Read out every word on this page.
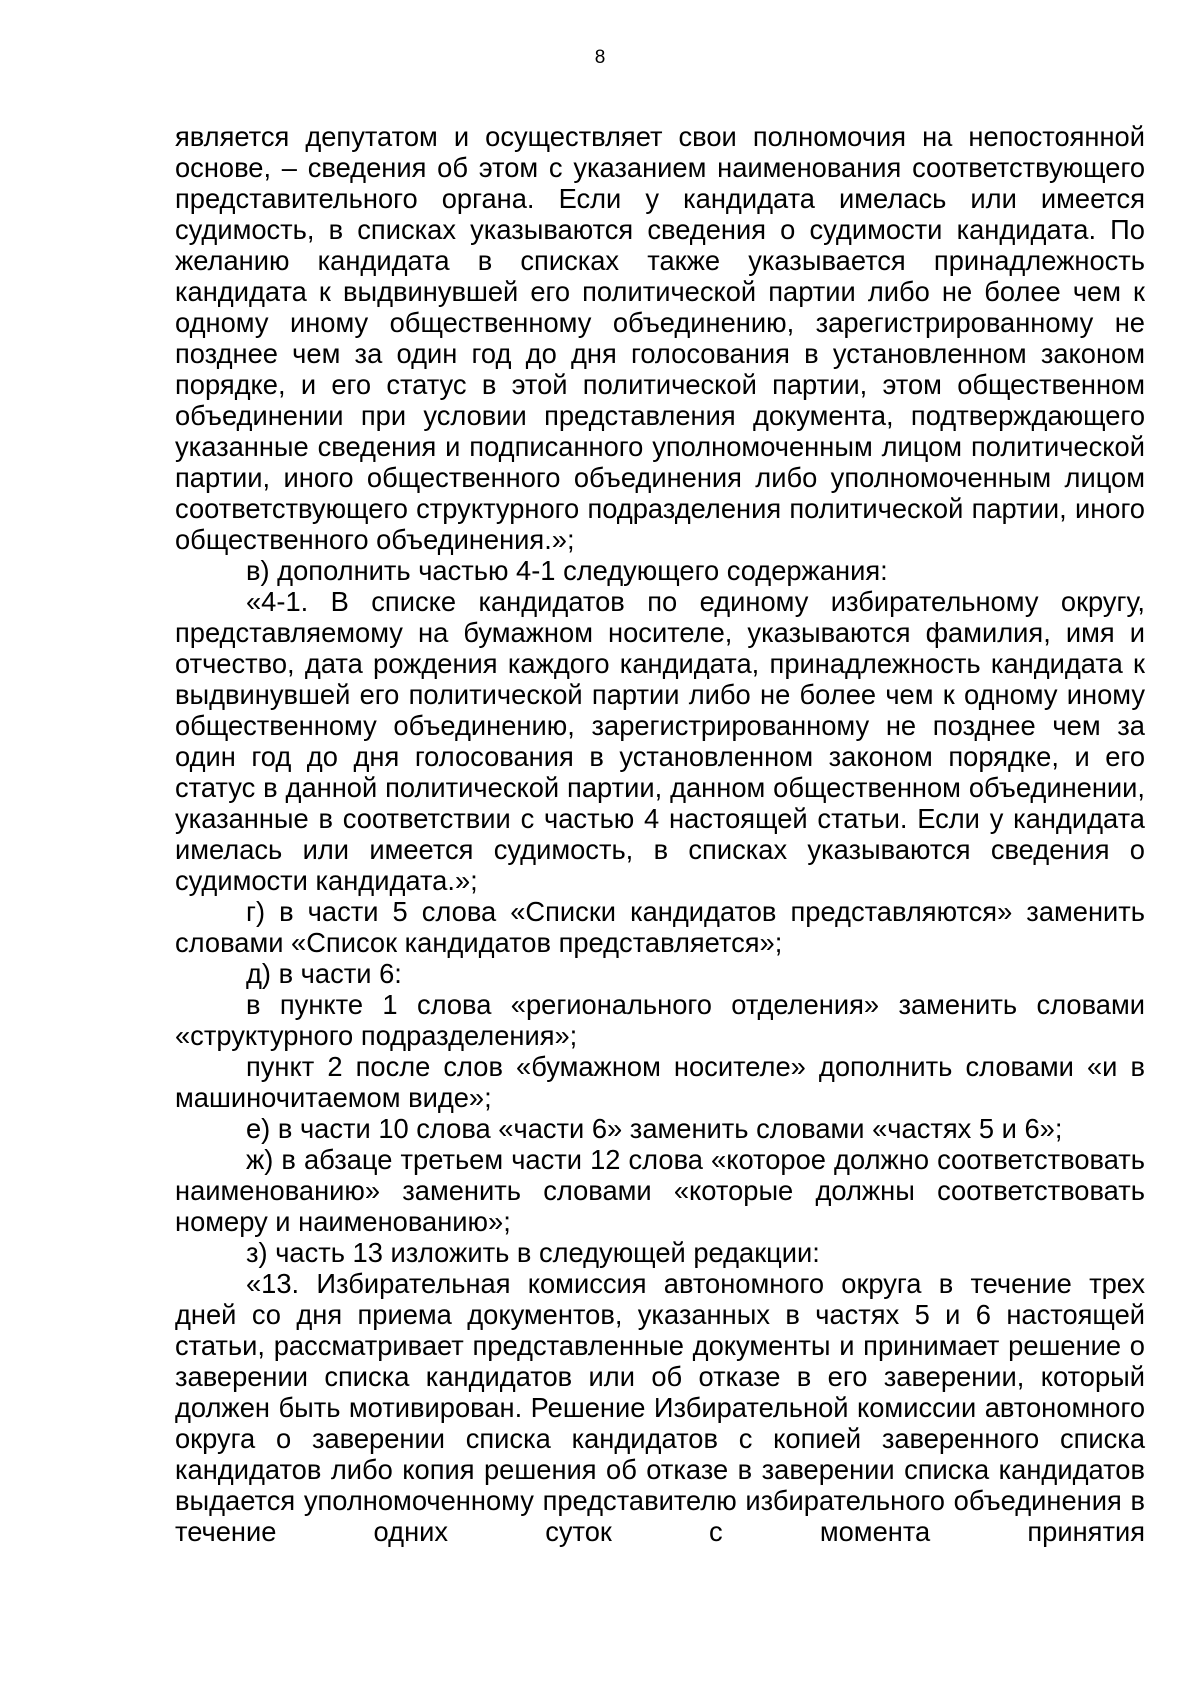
8

является депутатом и осуществляет свои полномочия на непостоянной основе, – сведения об этом с указанием наименования соответствующего представительного органа. Если у кандидата имелась или имеется судимость, в списках указываются сведения о судимости кандидата. По желанию кандидата в списках также указывается принадлежность кандидата к выдвинувшей его политической партии либо не более чем к одному иному общественному объединению, зарегистрированному не позднее чем за один год до дня голосования в установленном законом порядке, и его статус в этой политической партии, этом общественном объединении при условии представления документа, подтверждающего указанные сведения и подписанного уполномоченным лицом политической партии, иного общественного объединения либо уполномоченным лицом соответствующего структурного подразделения политической партии, иного общественного объединения.»;

в) дополнить частью 4-1 следующего содержания:

«4-1. В списке кандидатов по единому избирательному округу, представляемому на бумажном носителе, указываются фамилия, имя и отчество, дата рождения каждого кандидата, принадлежность кандидата к выдвинувшей его политической партии либо не более чем к одному иному общественному объединению, зарегистрированному не позднее чем за один год до дня голосования в установленном законом порядке, и его статус в данной политической партии, данном общественном объединении, указанные в соответствии с частью 4 настоящей статьи. Если у кандидата имелась или имеется судимость, в списках указываются сведения о судимости кандидата.»;

г) в части 5 слова «Списки кандидатов представляются» заменить словами «Список кандидатов представляется»;

д) в части 6:

в пункте 1 слова «регионального отделения» заменить словами «структурного подразделения»;

пункт 2 после слов «бумажном носителе» дополнить словами «и в машиночитаемом виде»;

е) в части 10 слова «части 6» заменить словами «частях 5 и 6»;

ж) в абзаце третьем части 12 слова «которое должно соответствовать наименованию» заменить словами «которые должны соответствовать номеру и наименованию»;

з) часть 13 изложить в следующей редакции:

«13. Избирательная комиссия автономного округа в течение трех дней со дня приема документов, указанных в частях 5 и 6 настоящей статьи, рассматривает представленные документы и принимает решение о заверении списка кандидатов или об отказе в его заверении, который должен быть мотивирован. Решение Избирательной комиссии автономного округа о заверении списка кандидатов с копией заверенного списка кандидатов либо копия решения об отказе в заверении списка кандидатов выдается уполномоченному представителю избирательного объединения в течение одних суток с момента принятия
